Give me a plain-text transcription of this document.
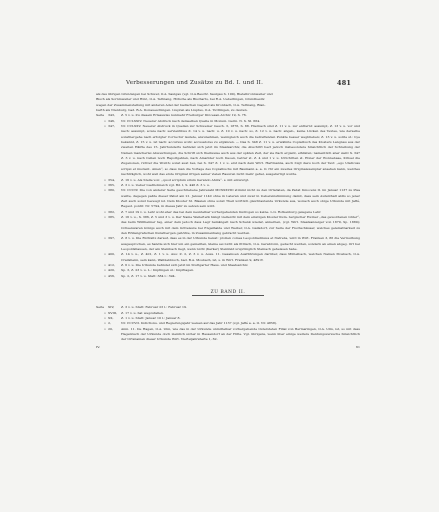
Verbesserungen und Zusätze zu Bd. I. und II.	481
als des übrigen Grundeigen bei Schwer, O.A. Saulgau (vgl. O.A.Beschr. Saulgau S. 199), Bietelbronnweiler und
Bisch als Sornmweiler und Hinf., O.A. Tettnang, Höfsche als Bischarts, bei R.A. Ueberlingen, Grundbesitz
wegen der Zusammenstellung mit anderen Adel der badischen Gegend als Kronbach, O.A. Tettnang, Blan-
barth als Nienburg, bad. B.A. Donaueschingen. Liupfen als Liupfes, O.A. Tuttlingen, zu deuten.
Seite 343,	Z. 5 v. u. Zu diesem Erlasswiss nunmehr Freiburger Diöcesan-Archiv 19, S. 76.
» 346,	Nr. CCLXXIV. Neuerer Abdruck nach demselben Quelle in Monum. Germ. N. S. XI. 664.
» 347,	Nr. CCLXXV. Neuerer Abdruck in Quellen zur Schweizer Gesch. 3, 1876, S. 88. Hiernach sind Z. 11 v. u. zur entfernt: assumpt, Z. 13 v. u. vor und nach: assumpt, sowie nach: servientibus Z. 14 v. u. nach: u. Z. 10 v. u. nach: so, Z. 12 v. u. nach: abgeb., keine Lücken des Textes, wie derselbe sonsthergehe nach erfolgter Correctur lautete, anzunehmen, wenngleich auch die betreffenden Punkte besser wegblieben; Z. 13 v. u. solite st.: bye bekannt, Z. 15 v. u. ist nach: accursus wohl: accusatores zu ergänzen. — Das S. 348 Z. 11 v. u. erwähnte Copialbuch des Klosters Langnau aus der zweiten Hälfte des 15. Jahrhunderts befindet sich jetzt im Staatsarchiv, die Abschrift bezt jedoch insbesondere hinsichtlich der Schreibung der Namen mancherlei Abweichungen, die Schrift sich theilweise auch aus der späten Zeit, der sie flach ergiebt, erklären; namentlich aber sieht S. 347 Z. 3 v. u. nach Cellen noch Rapoltgehlen, nach Amarider noch Deoen, betrar st. Z. 4 und 1 v. u. Ulrichriten st. Ebner der Wonnebase, Kriisel die Zugenonen, richter die Wonth; sonst aust bez, bei S. 347 Z. 1 v. u. erst nach dem Wört. Hartmanns, auch folgt dazu noch der Text: „ego Ulaticuss scripsi et insclent. Amen“, so dass man die Vorlage des Copialbuchs mit Baumann a. a. O. für ein zweites Originalexemplar ansehen kann, welches nachträglich, wohl weil das erste Original irrigen seiner vielen Rasuren nicht mehr gefiel, ausgefertigt wurde.
» 354,	Z. 16 v. u. Als Stelle von: „quod scriptum situm Gerando Ahira“. s. mit entwurgt.
» 365,	Z. 3 v. u. Ueber Liedholmeich vgl. Bd. I, S. 446 Z. 3 v. u.
» 380,	Nr. CCCIV. Die von anderer Seite geschriebene Jahrezahl MCXXXVIII stimmt nicht zu den Ortsdaten, da Pabst Innocenz II. im Januar 1137 zu Pisa weilte, dagegen paßte dieser Pabst am 21. Januar 1140 ohne in Lateran und zwar in Uebereinstimmung damit, dass sein Aufenthalt aldls so jener Zeit auch sonst bezeugt ist. Dem Kloster St. Blasien ohne sonst Theil wörtlich gleichlautende Urkunde aus, wonach auch obige Urkunde mit Jaffé, Regest. pontif. Nr. 5794, in dieses Jahr zu setzen sein wird.
» 382,	Z. 7 und 19 v. u. Lehr wohl eher das bei dem neuntelbar vorhergehenden Instrogen so keine. L.G. Rotkenburg gelegene Lehr.
» 385,	Z. 16 v. u., S. 386, Z. 5 und 3 v. u. Der Name Weilerterk hängt vielleicht mit dem einstigen Kloster Kum- bergischer Ewiner „das gewordenen Güter“, das beim Wüllheimer tag, einer dem jedoch dass Lagr bemängelt nach Schenk wieder, annernen, (vgl. Wirt. Staatsanzeiger von 1879, Sp. 1889); Ochsenwaren königs auch mit dem Götteleute bei Engelhalde und Weiber, O.A. Gailsdorf, zur Seite der Fischschäuser, welches gelemstbarkeit zu den Höllengrafschen Kunstbergen gehöhte, in Zusammenhang gebracht werden.
» 397,	Z. 8 v. u. Die Richtsitz darauf, dass es in der Urkunde heisst: proßen comes Leopoldiadinsus et fratrebs, wird in Wirt. Franken 3, 86 die Vermuthung ausgesprochen, es handle sich hier um ein gemeilten, kleine sei nicht als fittüsch, O.A. Gerabronn, gedacht werden, sondern an einen abgeg. Ort bei Leopoldshausen, der am Steinbach liegt, wenn nicht (Kerker) Steinfeld ursprünglich Steinach geheissen habe.
» 400,	Z. 14 v. u., Z. 401, Z. 1 v. u. Aus: Z. 2, Z. 3 v. u. Auss. 11. Gesamoen Ausführungen darüber, dass Mühelbach, welchen Namen Mosbach, O.A. Crailsheim, sein kann, Walblebbisch, bad. B.A. Mosbach, ist, s. in Wirt. Franken 9, 489 ff.
» 412,	Z. 6 v. u. Die Urkunde befindet sich jetzt im Stuttgarter Haus- und Staatsarchiv.
» 420,	Sp. 3, Z. 23 v. u. L.: Impfingen st.: Impfhagen.
» 456,	Sp. 2, Z. 17 v. u. Statt: 384 l.: 394.
ZU BAND II.
Seite XIV,	Z. 3 v. u. Statt: Februar 23 l.: Februar 19.
» XVIII,	Z. 17 v. u. hat wegzufallen.
» XX,	Z. 1 v. u. Statt: Januar 10 l.: Januar 8.
» 2,	Nr. CCCVII. Indictions- und Regierungsjahr weisen auf das Jahr 1137 (vgl. Jaffé a. a. O. Nr. 4858).
» 20,	Anm. 11. De Hagen, O.A. Ulm, wie das in der Urkunde unmittelbar vorhergehende Ostersteten Filial von Bermaringen, O.A. Ulm, ist, so mit dass Hagenbuch der Urkunde doch ziemlich sicher in Hessendorf an der Hitte. Vgl. übrigens, wenn über einige weitere Dentungsversuche hinsichtlich der Ortsnamen dieser Urkunde Wirt. Vierteljahrshefte 1, 62.
IV.	61
